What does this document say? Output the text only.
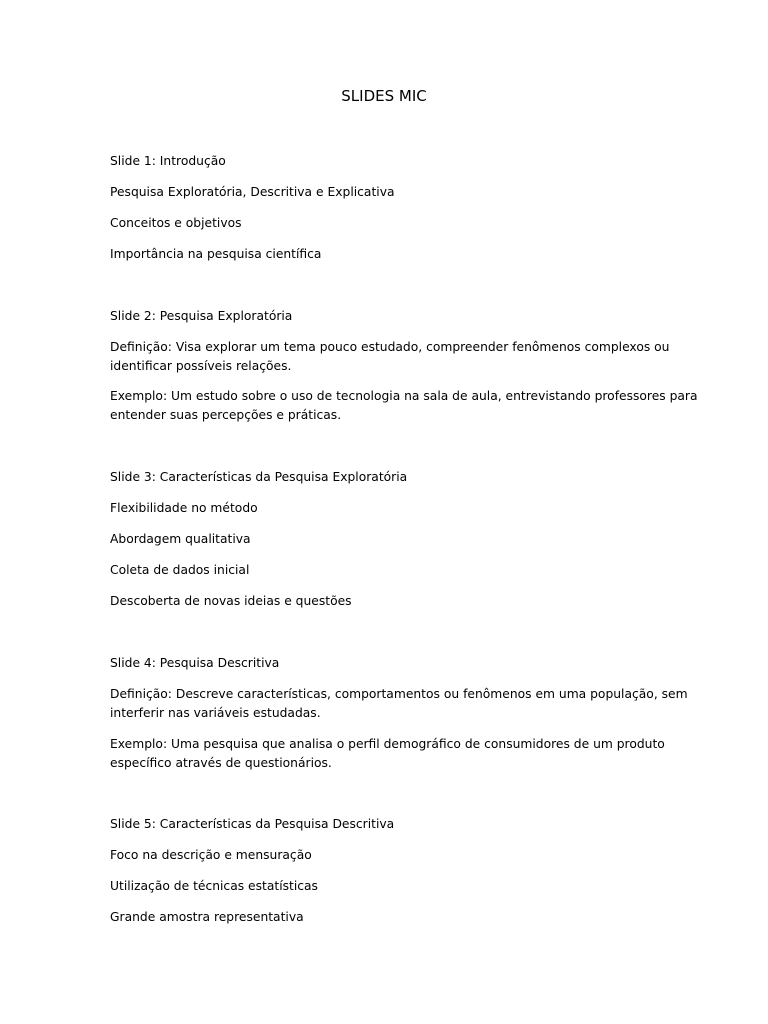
SLIDES MIC
Slide 1: Introdução
Pesquisa Exploratória, Descritiva e Explicativa
Conceitos e objetivos
Importância na pesquisa científica
Slide 2: Pesquisa Exploratória
Definição: Visa explorar um tema pouco estudado, compreender fenômenos complexos ou
identificar possíveis relações.
Exemplo: Um estudo sobre o uso de tecnologia na sala de aula, entrevistando professores para
entender suas percepções e práticas.
Slide 3: Características da Pesquisa Exploratória
Flexibilidade no método
Abordagem qualitativa
Coleta de dados inicial
Descoberta de novas ideias e questões
Slide 4: Pesquisa Descritiva
Definição: Descreve características, comportamentos ou fenômenos em uma população, sem
interferir nas variáveis estudadas.
Exemplo: Uma pesquisa que analisa o perfil demográfico de consumidores de um produto
específico através de questionários.
Slide 5: Características da Pesquisa Descritiva
Foco na descrição e mensuração
Utilização de técnicas estatísticas
Grande amostra representativa
